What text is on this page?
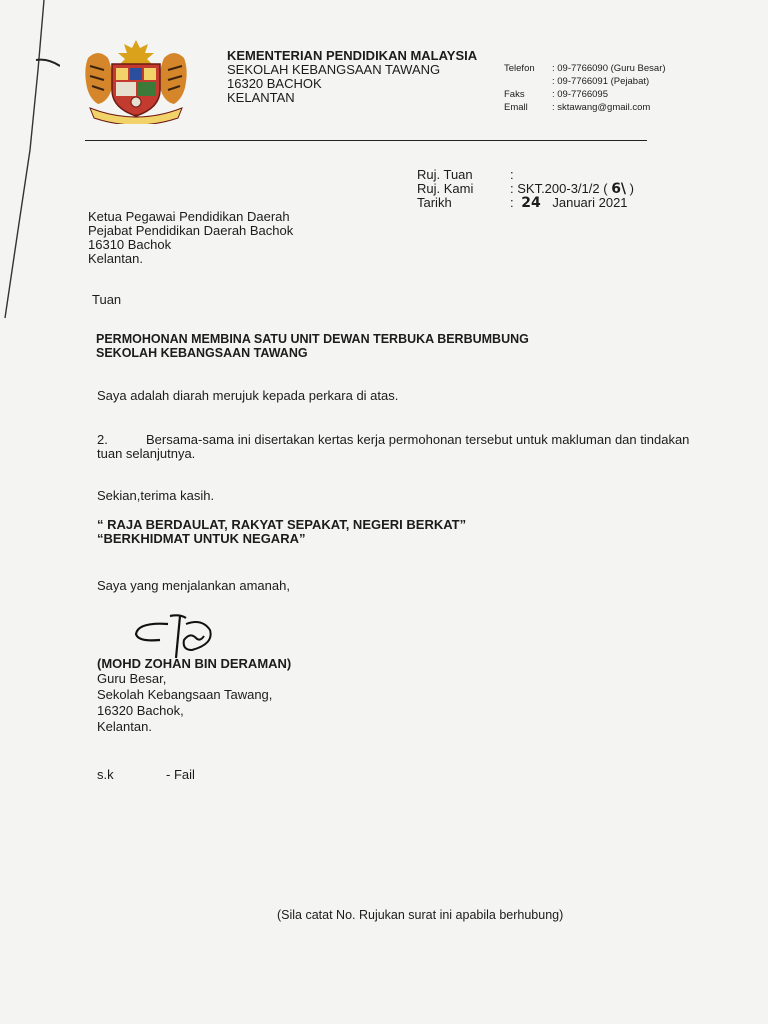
⁂
KEMENTERIAN PENDIDIKAN MALAYSIA
SEKOLAH KEBANGSAAN TAWANG
16320 BACHOK
KELANTAN
Telefon	: 09-7766090 (Guru Besar)
: 09-7766091 (Pejabat)
Faks	: 09-7766095
Emall	: sktawang@gmail.com
Ruj. Tuan	:
Ruj. Kami	: SKT.200-3/1/2 ( 6\ )
Tarikh	: 24 Januari 2021
Ketua Pegawai Pendidikan Daerah
Pejabat Pendidikan Daerah Bachok
16310 Bachok
Kelantan.
Tuan
PERMOHONAN MEMBINA SATU UNIT DEWAN TERBUKA BERBUMBUNG
SEKOLAH KEBANGSAAN TAWANG
Saya adalah diarah merujuk kepada perkara di atas.
2.	Bersama-sama ini disertakan kertas kerja permohonan tersebut untuk makluman dan tindakan
tuan selanjutnya.
Sekian,terima kasih.
“ RAJA BERDAULAT, RAKYAT SEPAKAT, NEGERI BERKAT”
“BERKHIDMAT UNTUK NEGARA”
Saya yang menjalankan amanah,
(MOHD ZOHAN BIN DERAMAN)
Guru Besar,
Sekolah Kebangsaan Tawang,
16320 Bachok,
Kelantan.
s.k	- Fail
(Sila catat No. Rujukan surat ini apabila berhubung)
